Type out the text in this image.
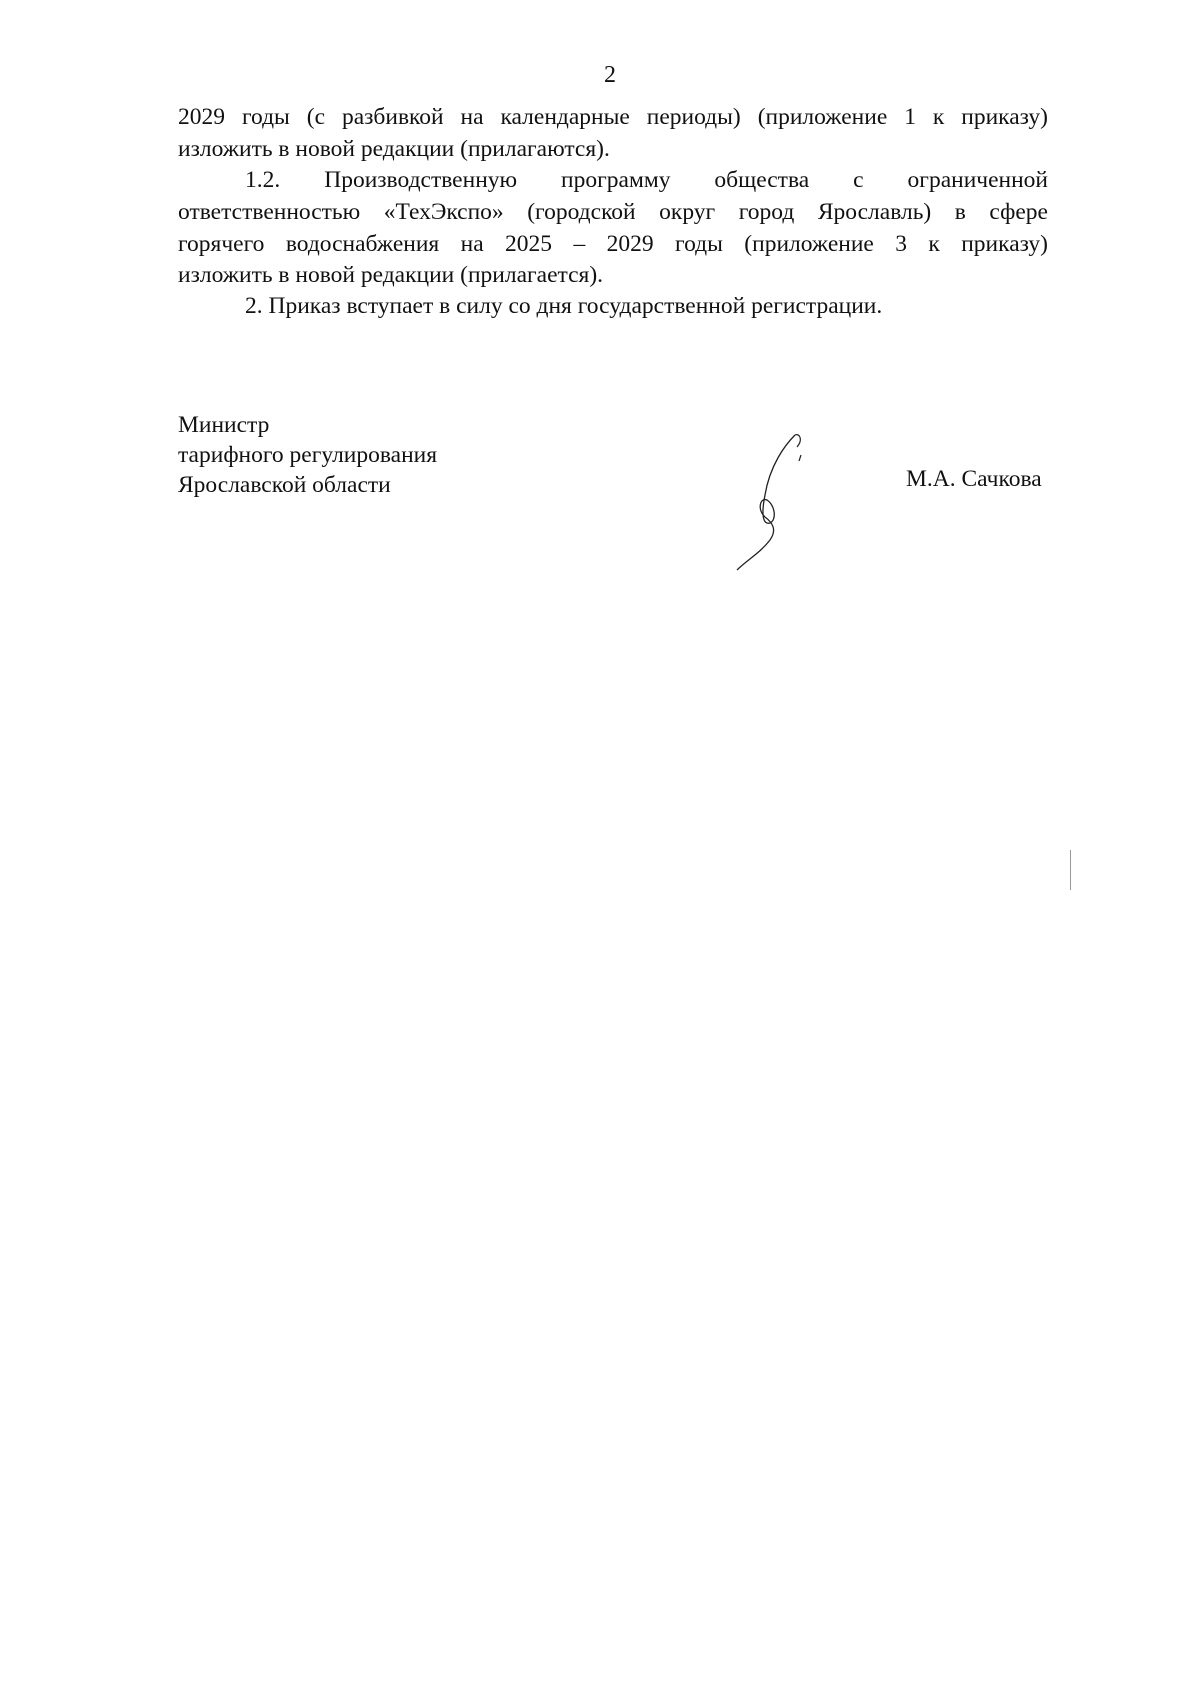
2
2029 годы (с разбивкой на календарные периоды) (приложение 1 к приказу)
изложить в новой редакции (прилагаются).
1.2. Производственную программу общества с ограниченной
ответственностью «ТехЭкспо» (городской округ город Ярославль) в сфере
горячего водоснабжения на 2025 – 2029 годы (приложение 3 к приказу)
изложить в новой редакции (прилагается).
2. Приказ вступает в силу со дня государственной регистрации.
Министр
тарифного регулирования
Ярославской области	М.А. Сачкова
